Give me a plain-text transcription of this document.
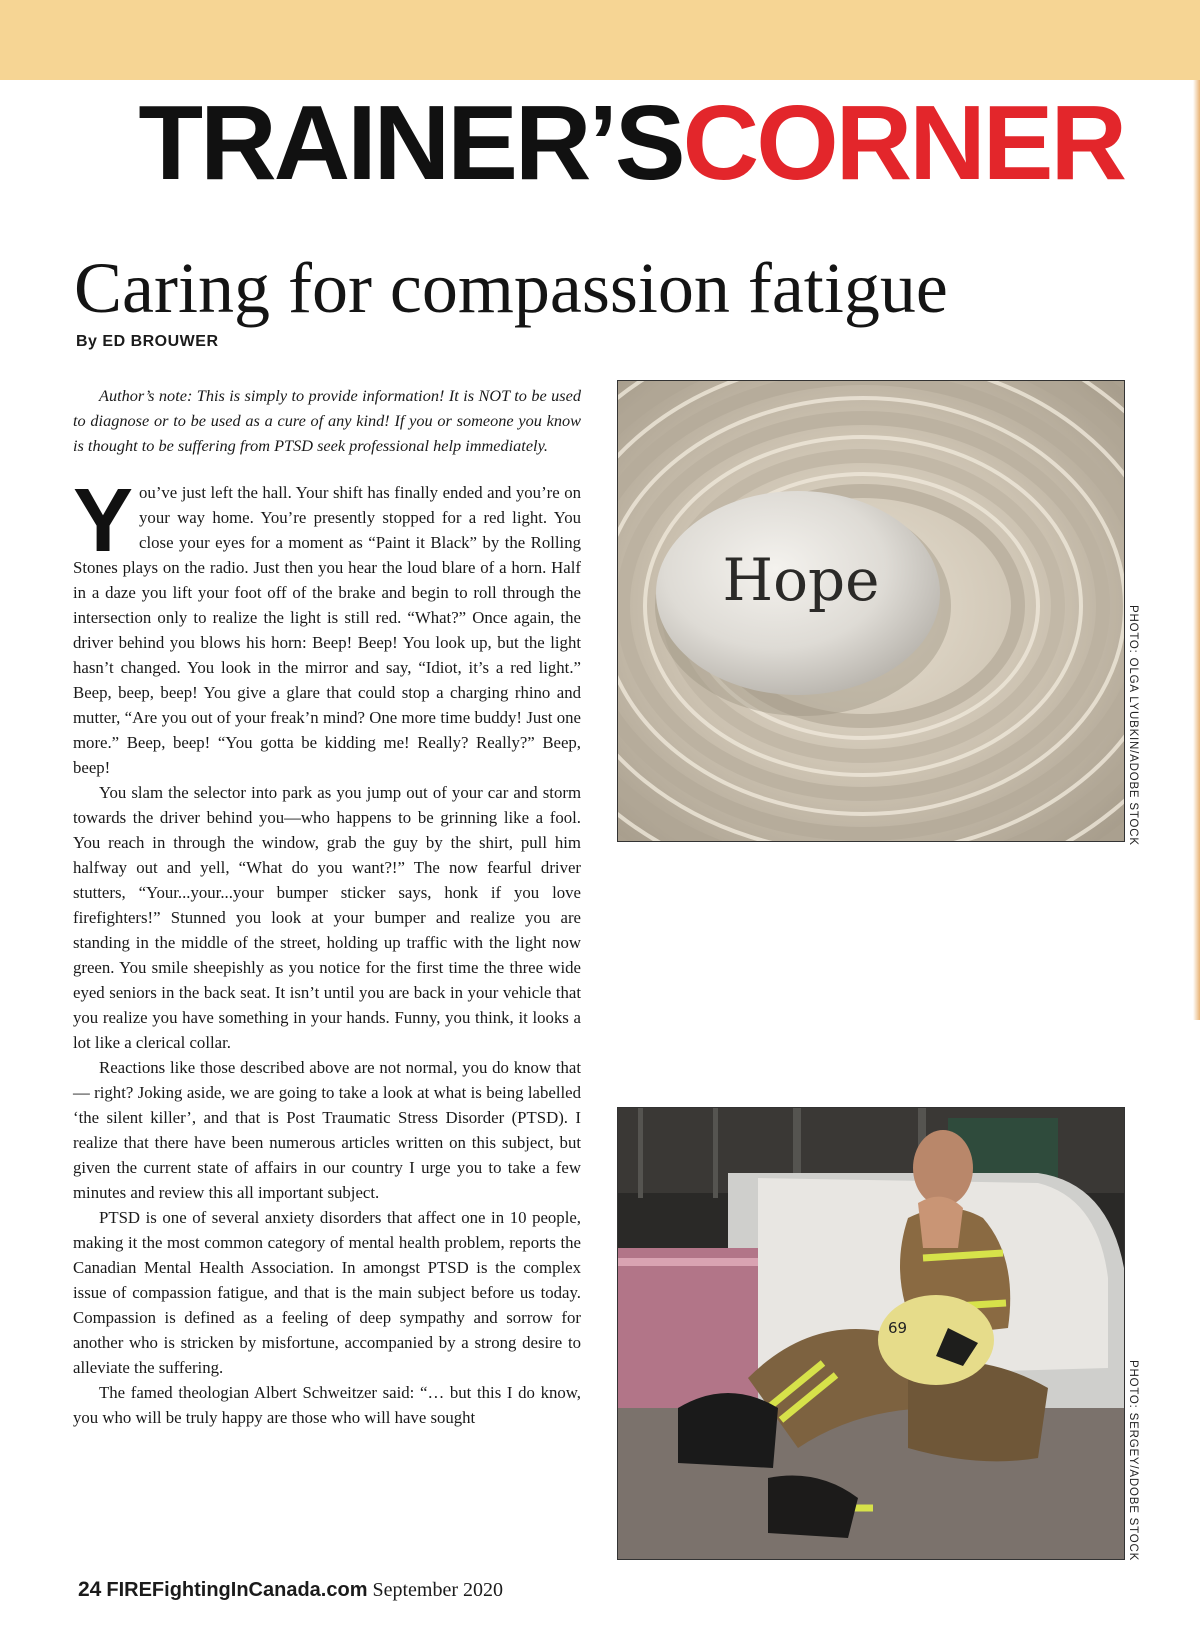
TRAINER’SCORNER
Caring for compassion fatigue
By ED BROUWER

Author’s note: This is simply to provide information! It is NOT to be used to diagnose or to be used as a cure of any kind! If you or someone you know is thought to be suffering from PTSD seek professional help immediately.

You’ve just left the hall. Your shift has finally ended and you’re on your way home. You’re presently stopped for a red light. You close your eyes for a moment as “Paint it Black” by the Rolling Stones plays on the radio. Just then you hear the loud blare of a horn. Half in a daze you lift your foot off of the brake and begin to roll through the intersection only to realize the light is still red. “What?” Once again, the driver behind you blows his horn: Beep! Beep! You look up, but the light hasn’t changed. You look in the mirror and say, “Idiot, it’s a red light.” Beep, beep, beep! You give a glare that could stop a charging rhino and mutter, “Are you out of your freak’n mind? One more time buddy! Just one more.” Beep, beep! “You gotta be kidding me! Really? Really?” Beep, beep!

You slam the selector into park as you jump out of your car and storm towards the driver behind you—who happens to be grinning like a fool. You reach in through the window, grab the guy by the shirt, pull him halfway out and yell, “What do you want?!” The now fearful driver stutters, “Your...your...your bumper sticker says, honk if you love firefighters!” Stunned you look at your bumper and realize you are standing in the middle of the street, holding up traffic with the light now green. You smile sheepishly as you notice for the first time the three wide eyed seniors in the back seat. It isn’t until you are back in your vehicle that you realize you have something in your hands. Funny, you think, it looks a lot like a clerical collar.

Reactions like those described above are not normal, you do know that — right? Joking aside, we are going to take a look at what is being labelled ‘the silent killer’, and that is Post Traumatic Stress Disorder (PTSD). I realize that there have been numerous articles written on this subject, but given the current state of affairs in our country I urge you to take a few minutes and review this all important subject.

PTSD is one of several anxiety disorders that affect one in 10 people, making it the most common category of mental health problem, reports the Canadian Mental Health Association. In amongst PTSD is the complex issue of compassion fatigue, and that is the main subject before us today. Compassion is defined as a feeling of deep sympathy and sorrow for another who is stricken by misfortune, accompanied by a strong desire to alleviate the suffering.

The famed theologian Albert Schweitzer said: “… but this I do know, you who will be truly happy are those who will have sought

Hope
PHOTO: OLGA LYUBKIN/ADOBE STOCK
69
PHOTO: SERGEY/ADOBE STOCK
24 FIREFightingInCanada.com September 2020
